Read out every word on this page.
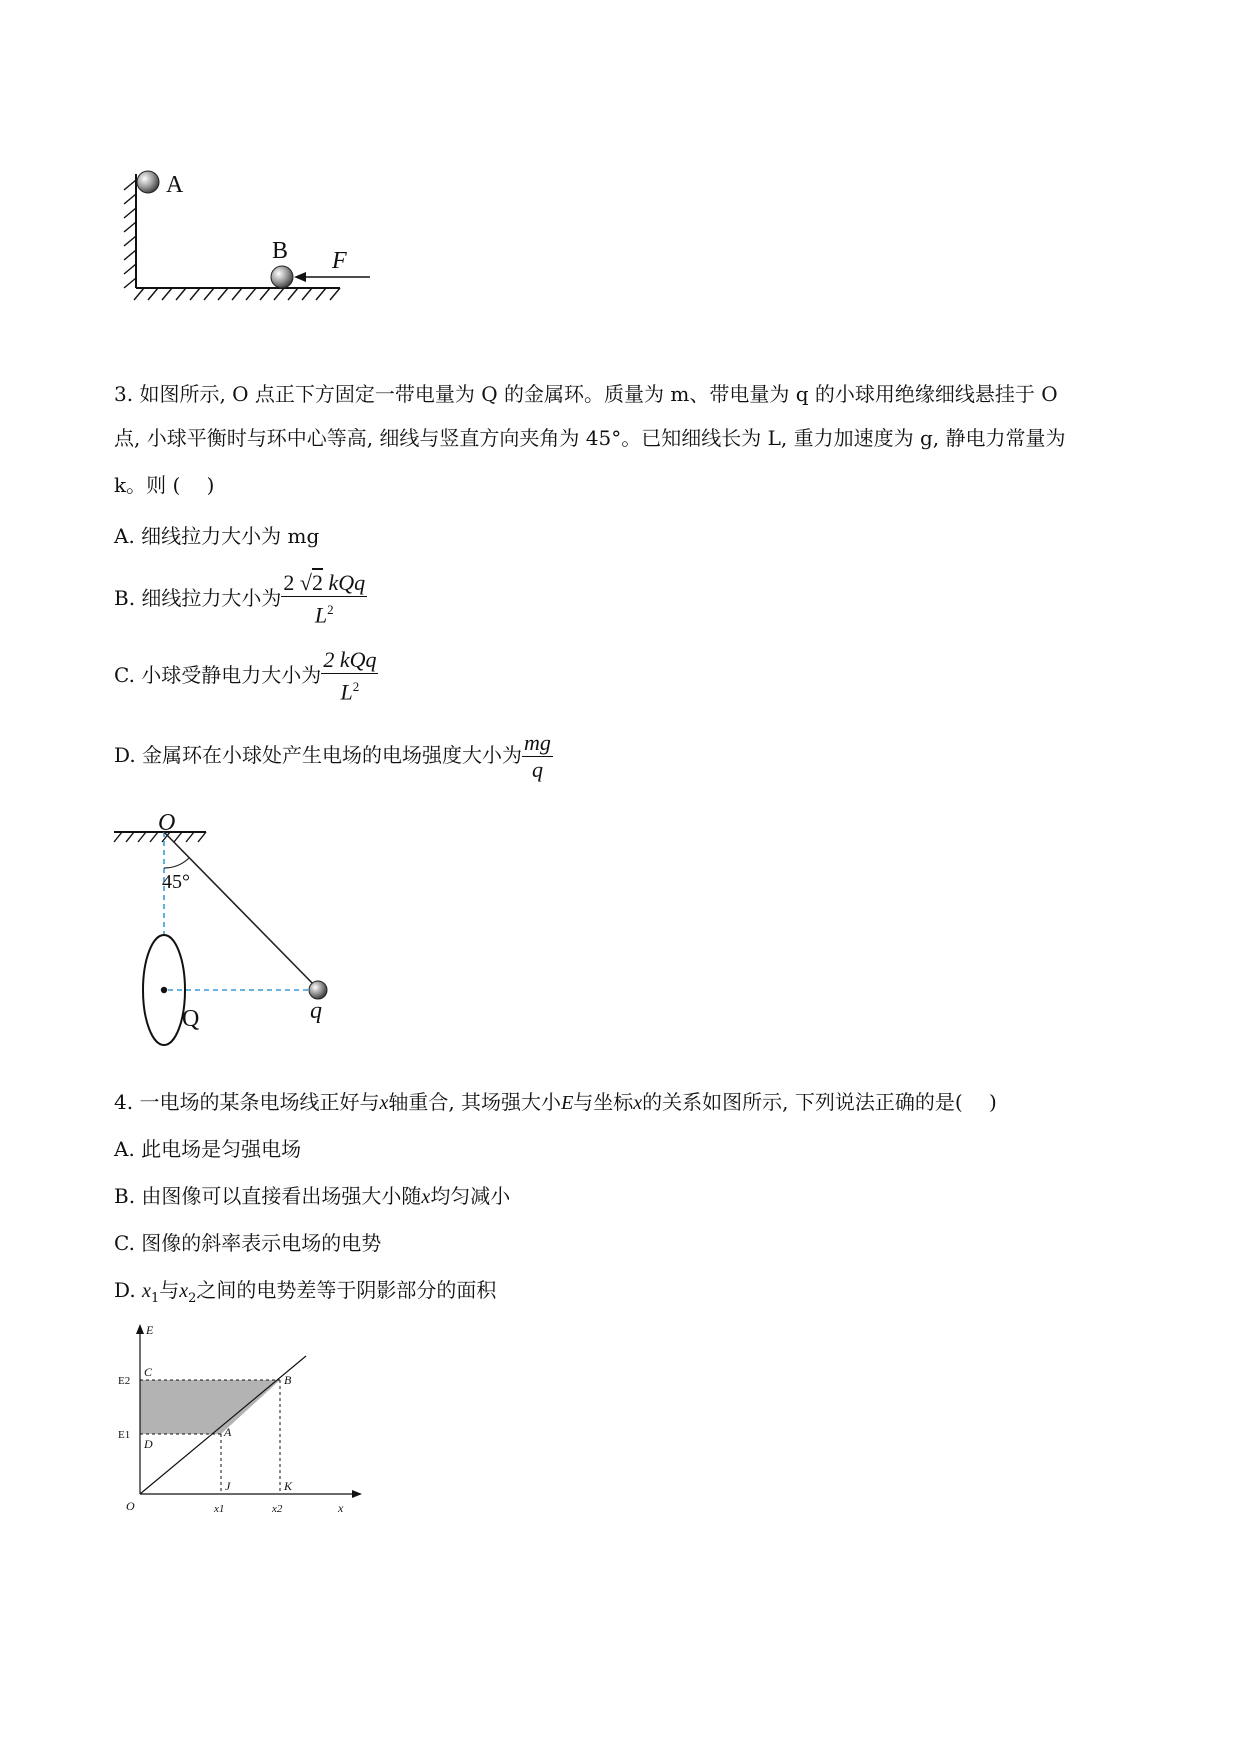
A
B F
3. 如图所示, O 点正下方固定一带电量为 Q 的金属环。质量为 m、带电量为 q 的小球用绝缘细线悬挂于 O
点, 小球平衡时与环中心等高, 细线与竖直方向夹角为 45°。已知细线长为 L, 重力加速度为 g, 静电力常量为
k。则 (　 )
A. 细线拉力大小为 mg
B. 细线拉力大小为 $\frac{\text{2 √2 kQq}}{L^2}$
C. 小球受静电力大小为 $\frac{\text{2 kQq}}{L^2}$
D. 金属环在小球处产生电场的电场强度大小为 $\frac{mg}{q}$
O
45°
Q	q
4. 一电场的某条电场线正好与x轴重合, 其场强大小E与坐标x的关系如图所示, 下列说法正确的是(　 )
A. 此电场是匀强电场
B. 由图像可以直接看出场强大小随x均匀减小
C. 图像的斜率表示电场的电势
D. $x_1$与$x_2$之间的电势差等于阴影部分的面积
E
x
O
E2
E1
C
D
A
B
J	K
x1	x2
